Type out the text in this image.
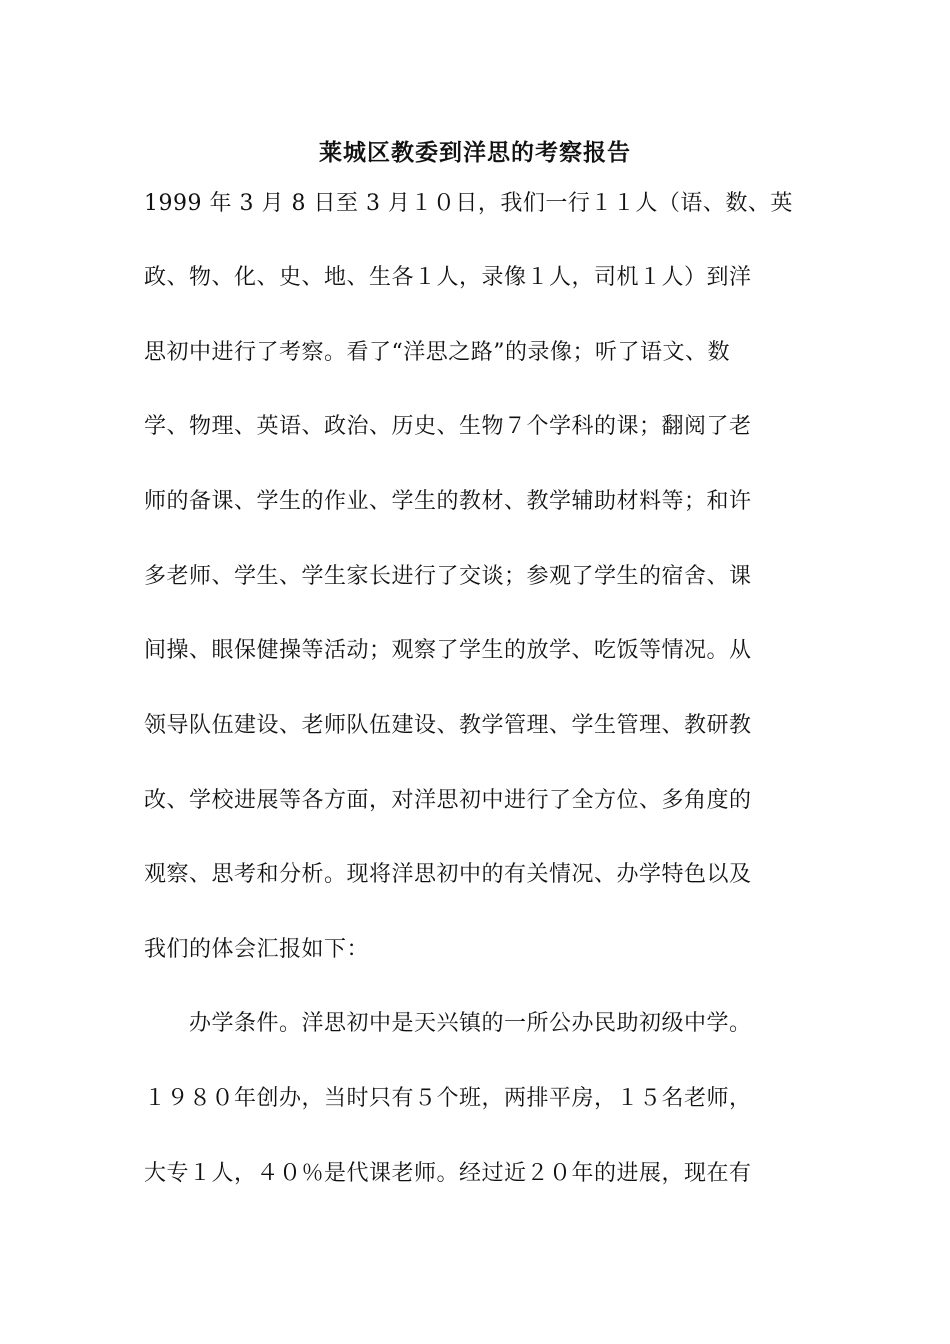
莱城区教委到洋思的考察报告
1999 年 3 月 8 日至 3 月１０日，我们一行１１人（语、数、英
政、物、化、史、地、生各１人，录像１人，司机１人）到洋
思初中进行了考察。看了“洋思之路”的录像；听了语文、数
学、物理、英语、政治、历史、生物７个学科的课；翻阅了老
师的备课、学生的作业、学生的教材、教学辅助材料等；和许
多老师、学生、学生家长进行了交谈；参观了学生的宿舍、课
间操、眼保健操等活动；观察了学生的放学、吃饭等情况。从
领导队伍建设、老师队伍建设、教学管理、学生管理、教研教
改、学校进展等各方面，对洋思初中进行了全方位、多角度的
观察、思考和分析。现将洋思初中的有关情况、办学特色以及
我们的体会汇报如下：
　　办学条件。洋思初中是天兴镇的一所公办民助初级中学。
１９８０年创办，当时只有５个班，两排平房，１５名老师，
大专１人，４０％是代课老师。经过近２０年的进展，现在有
